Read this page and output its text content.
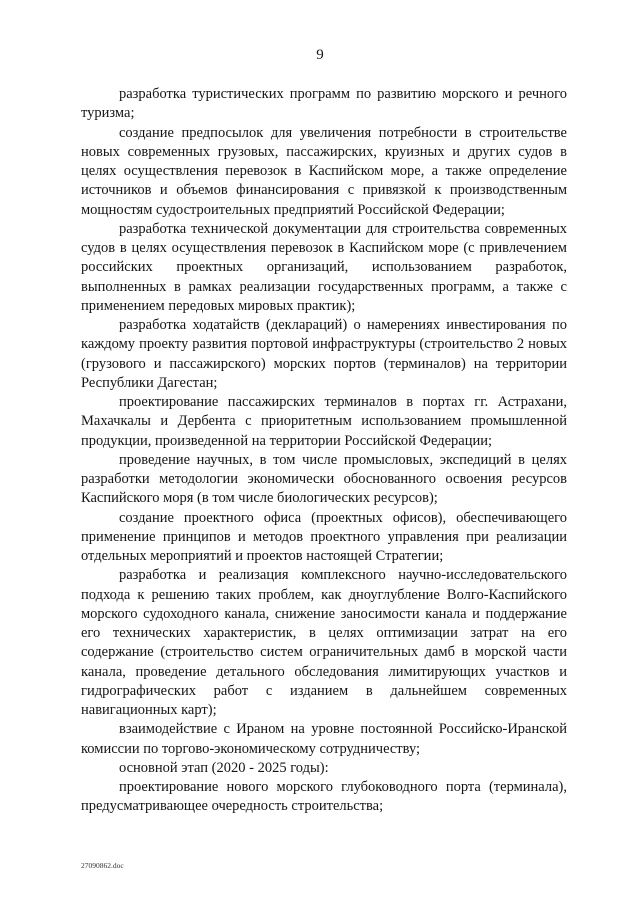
9

разработка туристических программ по развитию морского и речного туризма;

создание предпосылок для увеличения потребности в строительстве новых современных грузовых, пассажирских, круизных и других судов в целях осуществления перевозок в Каспийском море, а также определение источников и объемов финансирования с привязкой к производственным мощностям судостроительных предприятий Российской Федерации;

разработка технической документации для строительства современных судов в целях осуществления перевозок в Каспийском море (с привлечением российских проектных организаций, использованием разработок, выполненных в рамках реализации государственных программ, а также с применением передовых мировых практик);

разработка ходатайств (деклараций) о намерениях инвестирования по каждому проекту развития портовой инфраструктуры (строительство 2 новых (грузового и пассажирского) морских портов (терминалов) на территории Республики Дагестан;

проектирование пассажирских терминалов в портах гг. Астрахани, Махачкалы и Дербента с приоритетным использованием промышленной продукции, произведенной на территории Российской Федерации;

проведение научных, в том числе промысловых, экспедиций в целях разработки методологии экономически обоснованного освоения ресурсов Каспийского моря (в том числе биологических ресурсов);

создание проектного офиса (проектных офисов), обеспечивающего применение принципов и методов проектного управления при реализации отдельных мероприятий и проектов настоящей Стратегии;

разработка и реализация комплексного научно-исследовательского подхода к решению таких проблем, как дноуглубление Волго-Каспийского морского судоходного канала, снижение заносимости канала и поддержание его технических характеристик, в целях оптимизации затрат на его содержание (строительство систем ограничительных дамб в морской части канала, проведение детального обследования лимитирующих участков и гидрографических работ с изданием в дальнейшем современных навигационных карт);

взаимодействие с Ираном на уровне постоянной Российско-Иранской комиссии по торгово-экономическому сотрудничеству;

основной этап (2020 - 2025 годы):

проектирование нового морского глубоководного порта (терминала), предусматривающее очередность строительства;

27090862.doc
